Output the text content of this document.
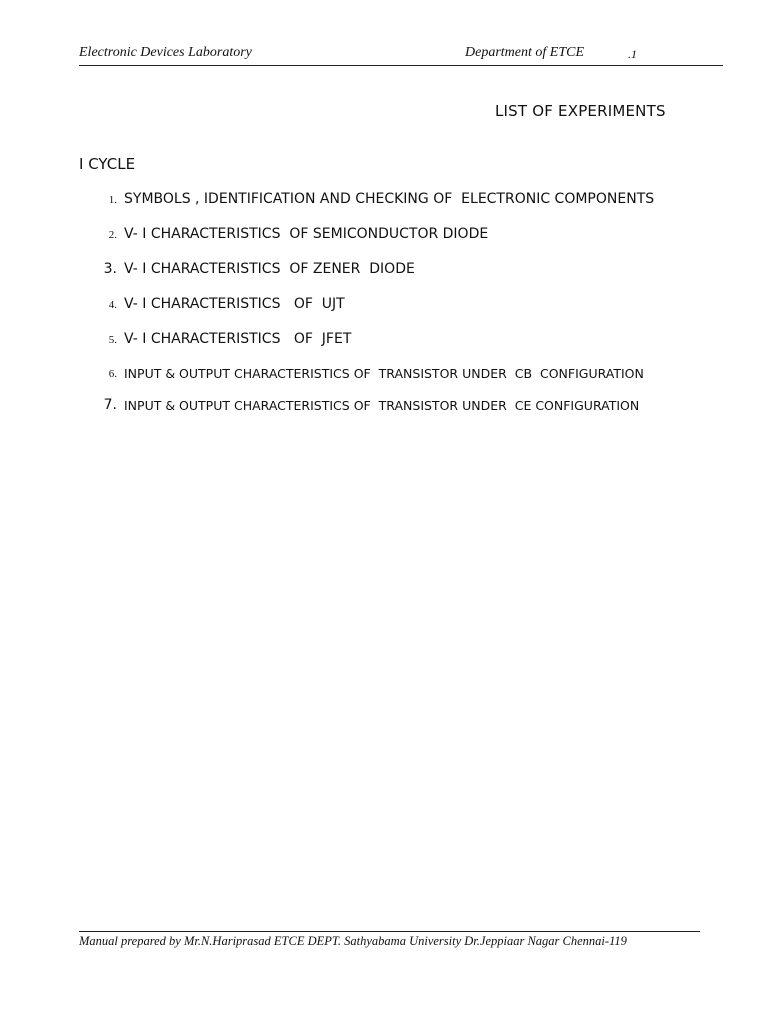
Electronic Devices Laboratory	Department of ETCE	.1
LIST OF EXPERIMENTS
I CYCLE
1. SYMBOLS , IDENTIFICATION AND CHECKING OF  ELECTRONIC COMPONENTS
2. V- I CHARACTERISTICS  OF SEMICONDUCTOR DIODE
3. V- I CHARACTERISTICS  OF ZENER  DIODE
4. V- I CHARACTERISTICS   OF  UJT
5. V- I CHARACTERISTICS   OF  JFET
6. INPUT & OUTPUT CHARACTERISTICS OF  TRANSISTOR UNDER  CB  CONFIGURATION
7. INPUT & OUTPUT CHARACTERISTICS OF  TRANSISTOR UNDER  CE CONFIGURATION
Manual prepared by Mr.N.Hariprasad ETCE DEPT. Sathyabama University Dr.Jeppiaar Nagar Chennai-119
